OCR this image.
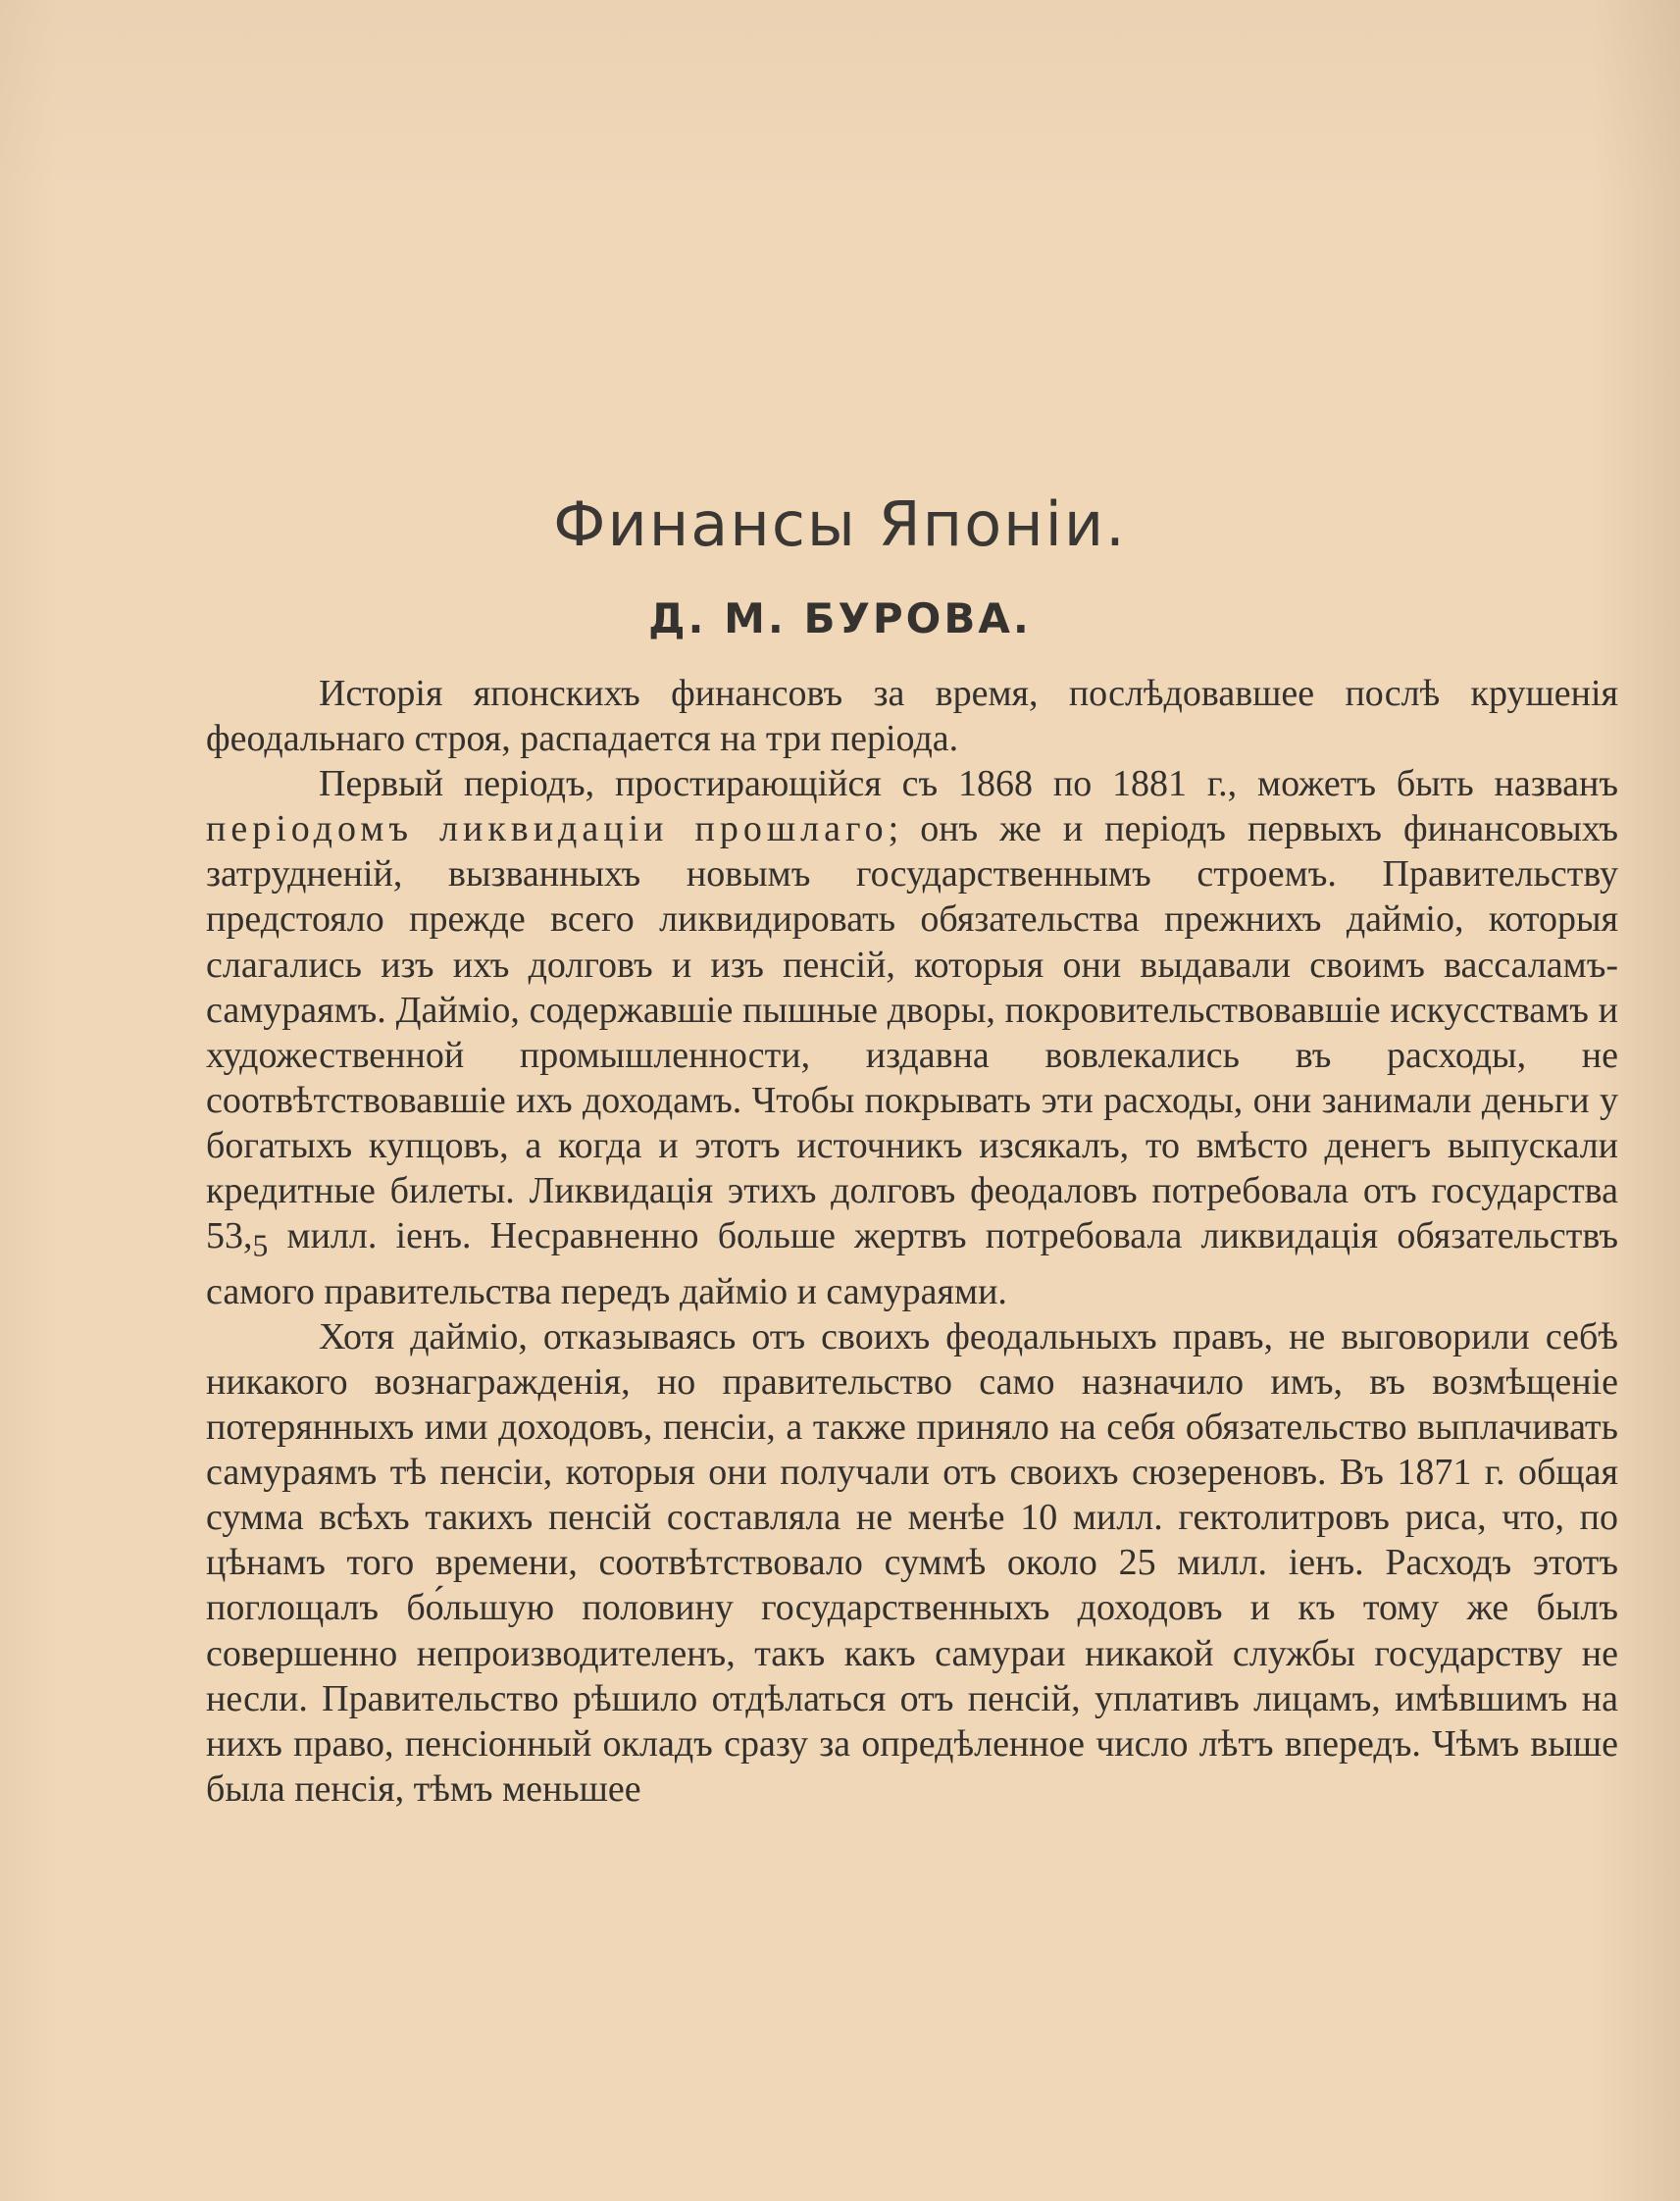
Финансы Японіи.
Д. М. БУРОВА.

Исторія японскихъ финансовъ за время, послѣдовавшее послѣ крушенія феодальнаго строя, распадается на три періода.

Первый періодъ, простирающійся съ 1868 по 1881 г., можетъ быть названъ періодомъ ликвидаціи прошлаго; онъ же и періодъ первыхъ финансовыхъ затрудненій, вызванныхъ новымъ государственнымъ строемъ. Правительству предстояло прежде всего ликвидировать обязательства прежнихъ дайміо, которыя слагались изъ ихъ долговъ и изъ пенсій, которыя они выдавали своимъ вассаламъ-самураямъ. Дайміо, содержавшіе пышные дворы, покровительствовавшіе искусствамъ и художественной промышленности, издавна вовлекались въ расходы, не соотвѣтствовавшіе ихъ доходамъ. Чтобы покрывать эти расходы, они занимали деньги у богатыхъ купцовъ, а когда и этотъ источникъ изсякалъ, то вмѣсто денегъ выпускали кредитные билеты. Ликвидація этихъ долговъ феодаловъ потребовала отъ государства $53,_5$ милл. іенъ. Несравненно больше жертвъ потребовала ликвидація обязательствъ самого правительства передъ дайміо и самураями.

Хотя дайміо, отказываясь отъ своихъ феодальныхъ правъ, не выговорили себѣ никакого вознагражденія, но правительство само назначило имъ, въ возмѣщеніе потерянныхъ ими доходовъ, пенсіи, а также приняло на себя обязательство выплачивать самураямъ тѣ пенсіи, которыя они получали отъ своихъ сюзереновъ. Въ 1871 г. общая сумма всѣхъ такихъ пенсій составляла не менѣе 10 милл. гектолитровъ риса, что, по цѣнамъ того времени, соотвѣтствовало суммѣ около 25 милл. іенъ. Расходъ этотъ поглощалъ бо́льшую половину государственныхъ доходовъ и къ тому же былъ совершенно непроизводителенъ, такъ какъ самураи никакой службы государству не несли. Правительство рѣшило отдѣлаться отъ пенсій, уплативъ лицамъ, имѣвшимъ на нихъ право, пенсіонный окладъ сразу за опредѣленное число лѣтъ впередъ. Чѣмъ выше была пенсія, тѣмъ меньшее
